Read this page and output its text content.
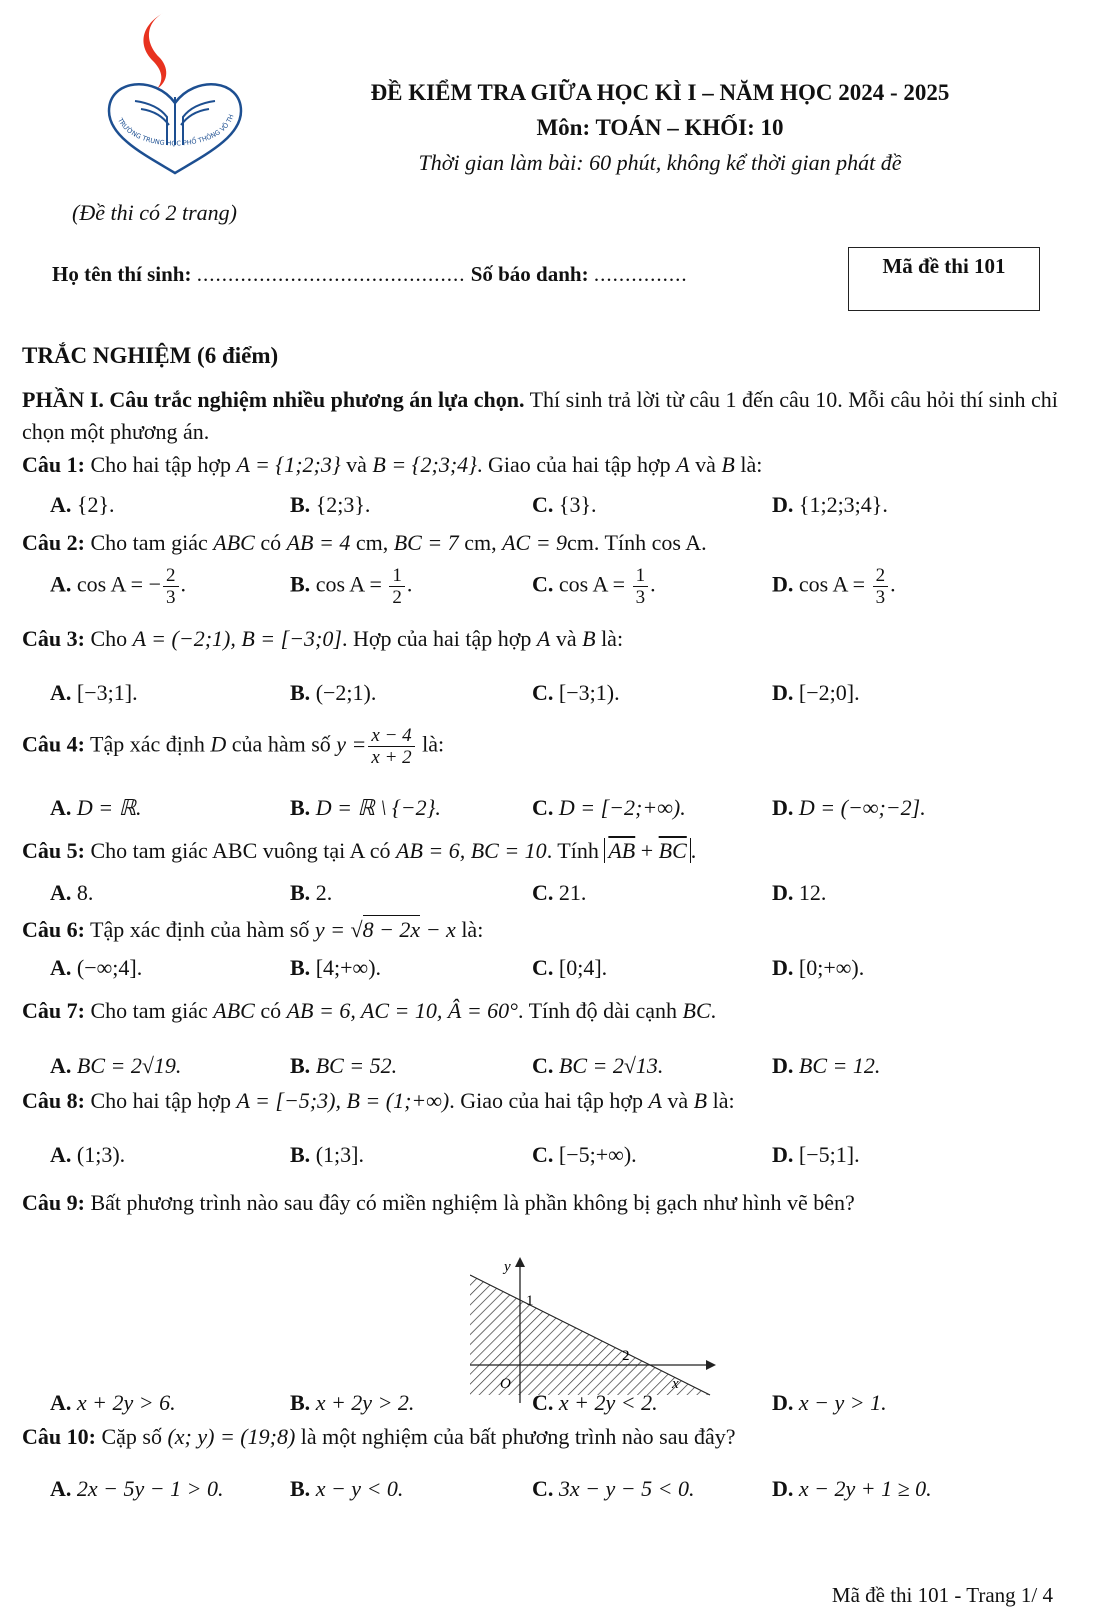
TRƯỜNG TRUNG HỌC PHỔ THÔNG VÕ TH
ĐỀ KIỂM TRA GIỮA HỌC KÌ I – NĂM HỌC 2024 - 2025
Môn: TOÁN – KHỐI: 10
Thời gian làm bài: 60 phút, không kể thời gian phát đề
(Đề thi có 2 trang)
Họ tên thí sinh: ........................................... Số báo danh: ...............	Mã đề thi 101
TRẮC NGHIỆM (6 điểm)
PHẦN I. Câu trắc nghiệm nhiều phương án lựa chọn. Thí sinh trả lời từ câu 1 đến câu 10. Mỗi câu hỏi thí sinh chỉ chọn một phương án.
Câu 1: Cho hai tập hợp A = {1;2;3} và B = {2;3;4}. Giao của hai tập hợp A và B là:
A. {2}.	B. {2;3}.	C. {3}.	D. {1;2;3;4}.
Câu 2: Cho tam giác ABC có AB = 4 cm, BC = 7 cm, AC = 9cm. Tính cos A.
A. cos A = − $\frac{2}{3}$ .	B. $\cos A = \frac{1}{2}$ .	C. $\cos A = \frac{1}{3}$ .	D. $\cos A = \frac{2}{3}$ .
Câu 3: Cho A = (−2;1), B = [−3;0]. Hợp của hai tập hợp A và B là:
A. [−3;1].	B. (−2;1).	C. [−3;1).	D. [−2;0].
Câu 4: Tập xác định D của hàm số $y = \frac{x - 4}{x + 2}$ là:
A. D = ℝ.	B. D = ℝ \ {−2}.	C. D = [−2;+∞).	D. D = (−∞;−2].
Câu 5: Cho tam giác ABC vuông tại A có AB = 6, BC = 10. Tính $\overline{AB} + \overline{BC}$ .
A. 8.	B. 2.	C. 21.	D. 12.
Câu 6: Tập xác định của hàm số y = √8 − 2x − x là:
A. (−∞;4].	B. [4;+∞).	C. [0;4].	D. [0;+∞).
Câu 7: Cho tam giác ABC có AB = 6, AC = 10, Â = 60°. Tính độ dài cạnh BC.
A. BC = 2√19.	B. BC = 52.	C. BC = 2√13.	D. BC = 12.
Câu 8: Cho hai tập hợp A = [−5;3), B = (1;+∞). Giao của hai tập hợp A và B là:
A. (1;3).	B. (1;3].	C. [−5;+∞).	D. [−5;1].
Câu 9: Bất phương trình nào sau đây có miền nghiệm là phần không bị gạch như hình vẽ bên?
y
x
O
1
2
A. x + 2y > 6.	B. x + 2y > 2.	C. x + 2y < 2.	D. x − y > 1.
Câu 10: Cặp số (x; y) = (19;8) là một nghiệm của bất phương trình nào sau đây?
A. 2x − 5y − 1 > 0.	B. x − y < 0.	C. 3x − y − 5 < 0.	D. x − 2y + 1 ≥ 0.
Mã đề thi 101 - Trang 1/ 4
